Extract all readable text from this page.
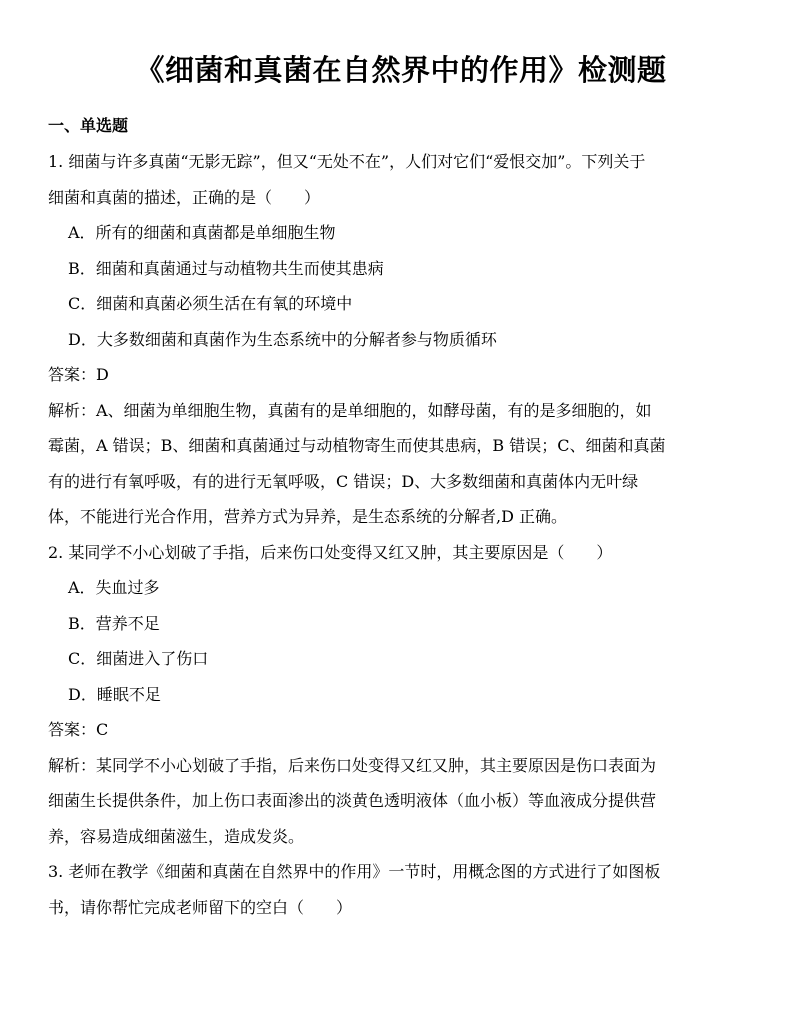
《细菌和真菌在自然界中的作用》检测题
一、单选题
1. 细菌与许多真菌“无影无踪”，但又“无处不在”，人们对它们“爱恨交加”。下列关于
细菌和真菌的描述，正确的是（　　）
A．所有的细菌和真菌都是单细胞生物
B．细菌和真菌通过与动植物共生而使其患病
C．细菌和真菌必须生活在有氧的环境中
D．大多数细菌和真菌作为生态系统中的分解者参与物质循环
答案：D
解析：A、细菌为单细胞生物，真菌有的是单细胞的，如酵母菌，有的是多细胞的，如
霉菌，A 错误；B、细菌和真菌通过与动植物寄生而使其患病，B 错误；C、细菌和真菌
有的进行有氧呼吸，有的进行无氧呼吸，C 错误；D、大多数细菌和真菌体内无叶绿
体，不能进行光合作用，营养方式为异养，是生态系统的分解者,D 正确。
2. 某同学不小心划破了手指，后来伤口处变得又红又肿，其主要原因是（　　）
A．失血过多
B．营养不足
C．细菌进入了伤口
D．睡眠不足
答案：C
解析：某同学不小心划破了手指，后来伤口处变得又红又肿，其主要原因是伤口表面为
细菌生长提供条件，加上伤口表面渗出的淡黄色透明液体（血小板）等血液成分提供营
养，容易造成细菌滋生，造成发炎。
3. 老师在教学《细菌和真菌在自然界中的作用》一节时，用概念图的方式进行了如图板
书，请你帮忙完成老师留下的空白（　　）
